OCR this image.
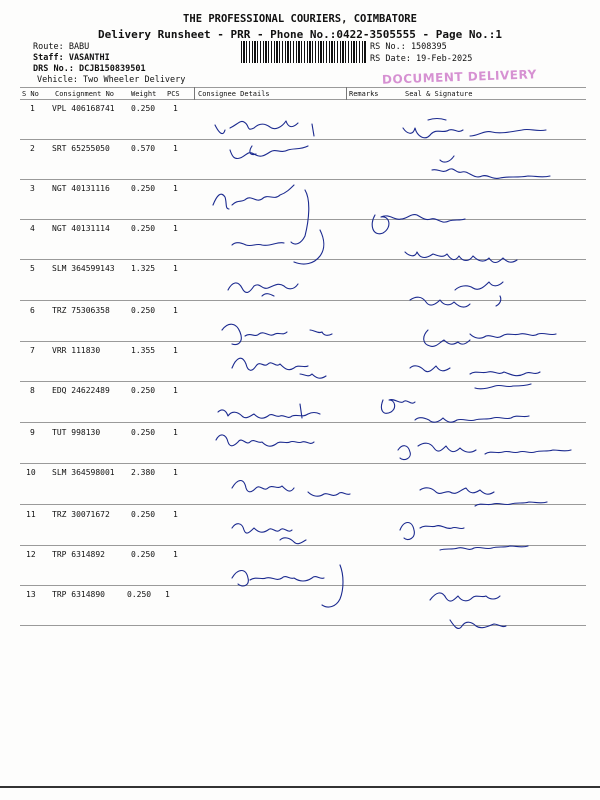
THE PROFESSIONAL COURIERS, COIMBATORE
Delivery Runsheet - PRR - Phone No.:0422-3505555 - Page No.:1
Route: BABU
Staff: VASANTHI
DRS No.: DCJB150839501
Vehicle: Two Wheeler Delivery
RS No.: 1508395
RS Date: 19-Feb-2025
DOCUMENT DELIVERY
S No Consignment No Weight PCS	Consignee Details	Remarks	Seal & Signature
1 VPL 406168741 0.250 1
2 SRT 65255050	0.570 1
3 NGT 40131116	0.250 1
4 NGT 40131114	0.250 1
5 SLM 364599143 1.325 1
6 TRZ 75306358	0.250 1
7 VRR 111830	1.355 1
8 EDQ 24622489	0.250 1
9 TUT 998130	0.250 1
10 SLM 364598001 2.380 1
11 TRZ 30071672	0.250 1
12 TRP 6314892	0.250 1
13 TRP 6314890	0.250 1
